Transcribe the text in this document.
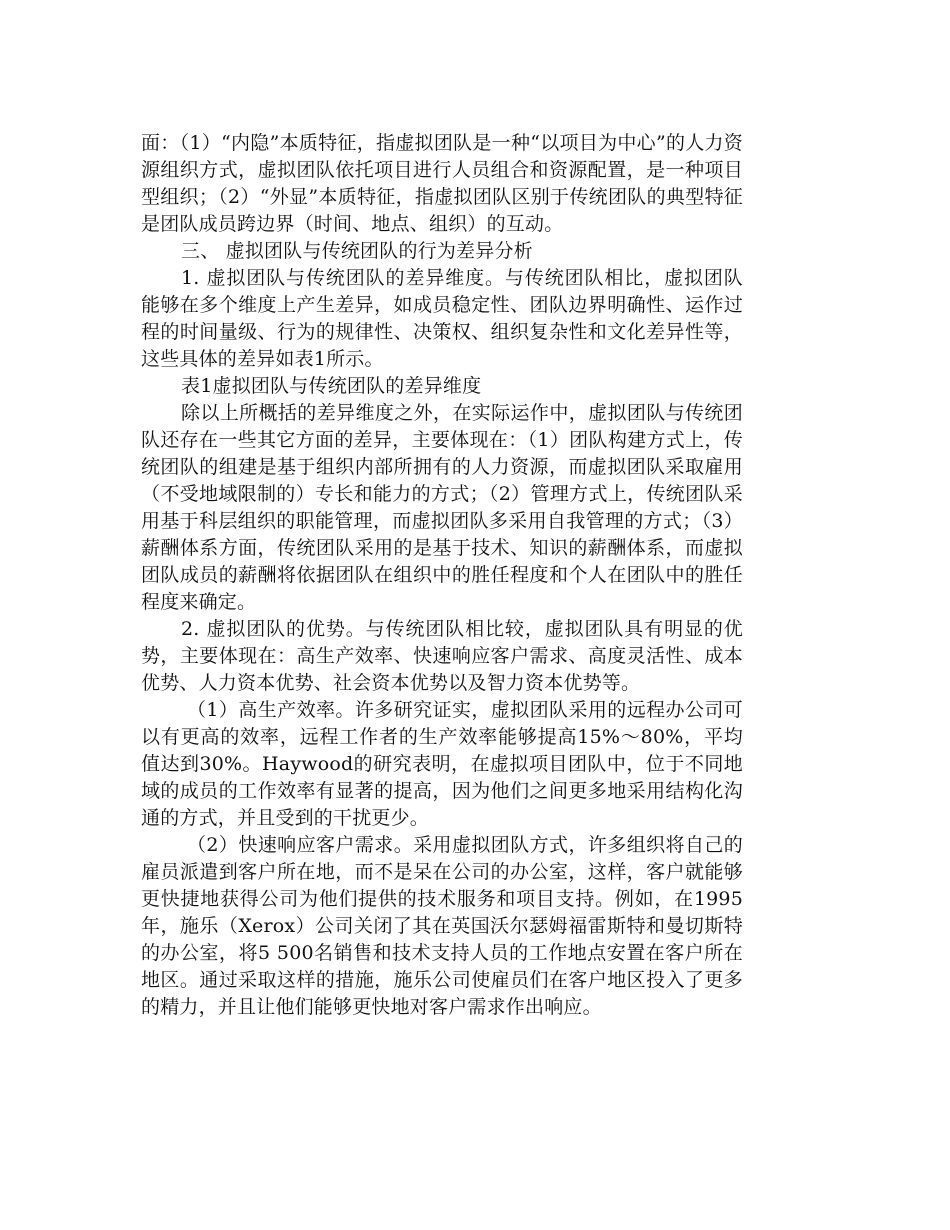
面：（1）“内隐”本质特征，指虚拟团队是一种“以项目为中心”的人力资源组织方式，虚拟团队依托项目进行人员组合和资源配置，是一种项目型组织；（2）“外显”本质特征，指虚拟团队区别于传统团队的典型特征是团队成员跨边界（时间、地点、组织）的互动。

三、 虚拟团队与传统团队的行为差异分析

1. 虚拟团队与传统团队的差异维度。与传统团队相比，虚拟团队能够在多个维度上产生差异，如成员稳定性、团队边界明确性、运作过程的时间量级、行为的规律性、决策权、组织复杂性和文化差异性等，这些具体的差异如表1所示。

表1虚拟团队与传统团队的差异维度

除以上所概括的差异维度之外，在实际运作中，虚拟团队与传统团队还存在一些其它方面的差异，主要体现在：（1）团队构建方式上，传统团队的组建是基于组织内部所拥有的人力资源，而虚拟团队采取雇用（不受地域限制的）专长和能力的方式；（2）管理方式上，传统团队采用基于科层组织的职能管理，而虚拟团队多采用自我管理的方式；（3）薪酬体系方面，传统团队采用的是基于技术、知识的薪酬体系，而虚拟团队成员的薪酬将依据团队在组织中的胜任程度和个人在团队中的胜任程度来确定。

2. 虚拟团队的优势。与传统团队相比较，虚拟团队具有明显的优势，主要体现在：高生产效率、快速响应客户需求、高度灵活性、成本优势、人力资本优势、社会资本优势以及智力资本优势等。

（1）高生产效率。许多研究证实，虚拟团队采用的远程办公司可以有更高的效率，远程工作者的生产效率能够提高15%～80%，平均值达到30%。Haywood的研究表明，在虚拟项目团队中，位于不同地域的成员的工作效率有显著的提高，因为他们之间更多地采用结构化沟通的方式，并且受到的干扰更少。

（2）快速响应客户需求。采用虚拟团队方式，许多组织将自己的雇员派遣到客户所在地，而不是呆在公司的办公室，这样，客户就能够更快捷地获得公司为他们提供的技术服务和项目支持。例如，在1995年，施乐（Xerox）公司关闭了其在英国沃尔瑟姆福雷斯特和曼切斯特的办公室，将5 500名销售和技术支持人员的工作地点安置在客户所在地区。通过采取这样的措施，施乐公司使雇员们在客户地区投入了更多的精力，并且让他们能够更快地对客户需求作出响应。
